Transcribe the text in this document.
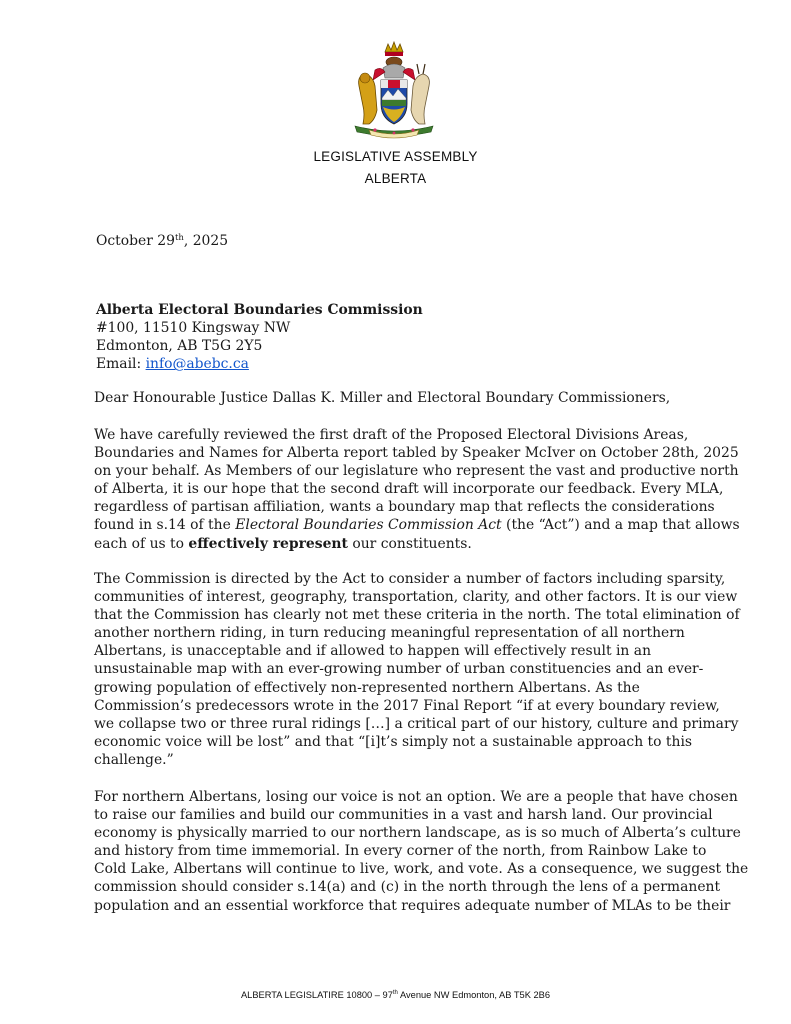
LEGISLATIVE ASSEMBLY
ALBERTA
October 29th, 2025
Alberta Electoral Boundaries Commission
#100, 11510 Kingsway NW
Edmonton, AB T5G 2Y5
Email: info@abebc.ca
Dear Honourable Justice Dallas K. Miller and Electoral Boundary Commissioners,
We have carefully reviewed the first draft of the Proposed Electoral Divisions Areas,
Boundaries and Names for Alberta report tabled by Speaker McIver on October 28th, 2025
on your behalf. As Members of our legislature who represent the vast and productive north
of Alberta, it is our hope that the second draft will incorporate our feedback. Every MLA,
regardless of partisan affiliation, wants a boundary map that reflects the considerations
found in s.14 of the Electoral Boundaries Commission Act (the “Act”) and a map that allows
each of us to effectively represent our constituents.
The Commission is directed by the Act to consider a number of factors including sparsity,
communities of interest, geography, transportation, clarity, and other factors. It is our view
that the Commission has clearly not met these criteria in the north. The total elimination of
another northern riding, in turn reducing meaningful representation of all northern
Albertans, is unacceptable and if allowed to happen will effectively result in an
unsustainable map with an ever-growing number of urban constituencies and an ever-
growing population of effectively non-represented northern Albertans. As the
Commission’s predecessors wrote in the 2017 Final Report “if at every boundary review,
we collapse two or three rural ridings […] a critical part of our history, culture and primary
economic voice will be lost” and that “[i]t’s simply not a sustainable approach to this
challenge.”
For northern Albertans, losing our voice is not an option. We are a people that have chosen
to raise our families and build our communities in a vast and harsh land. Our provincial
economy is physically married to our northern landscape, as is so much of Alberta’s culture
and history from time immemorial. In every corner of the north, from Rainbow Lake to
Cold Lake, Albertans will continue to live, work, and vote. As a consequence, we suggest the
commission should consider s.14(a) and (c) in the north through the lens of a permanent
population and an essential workforce that requires adequate number of MLAs to be their
ALBERTA LEGISLATIRE 10800 – 97th Avenue NW Edmonton, AB T5K 2B6
